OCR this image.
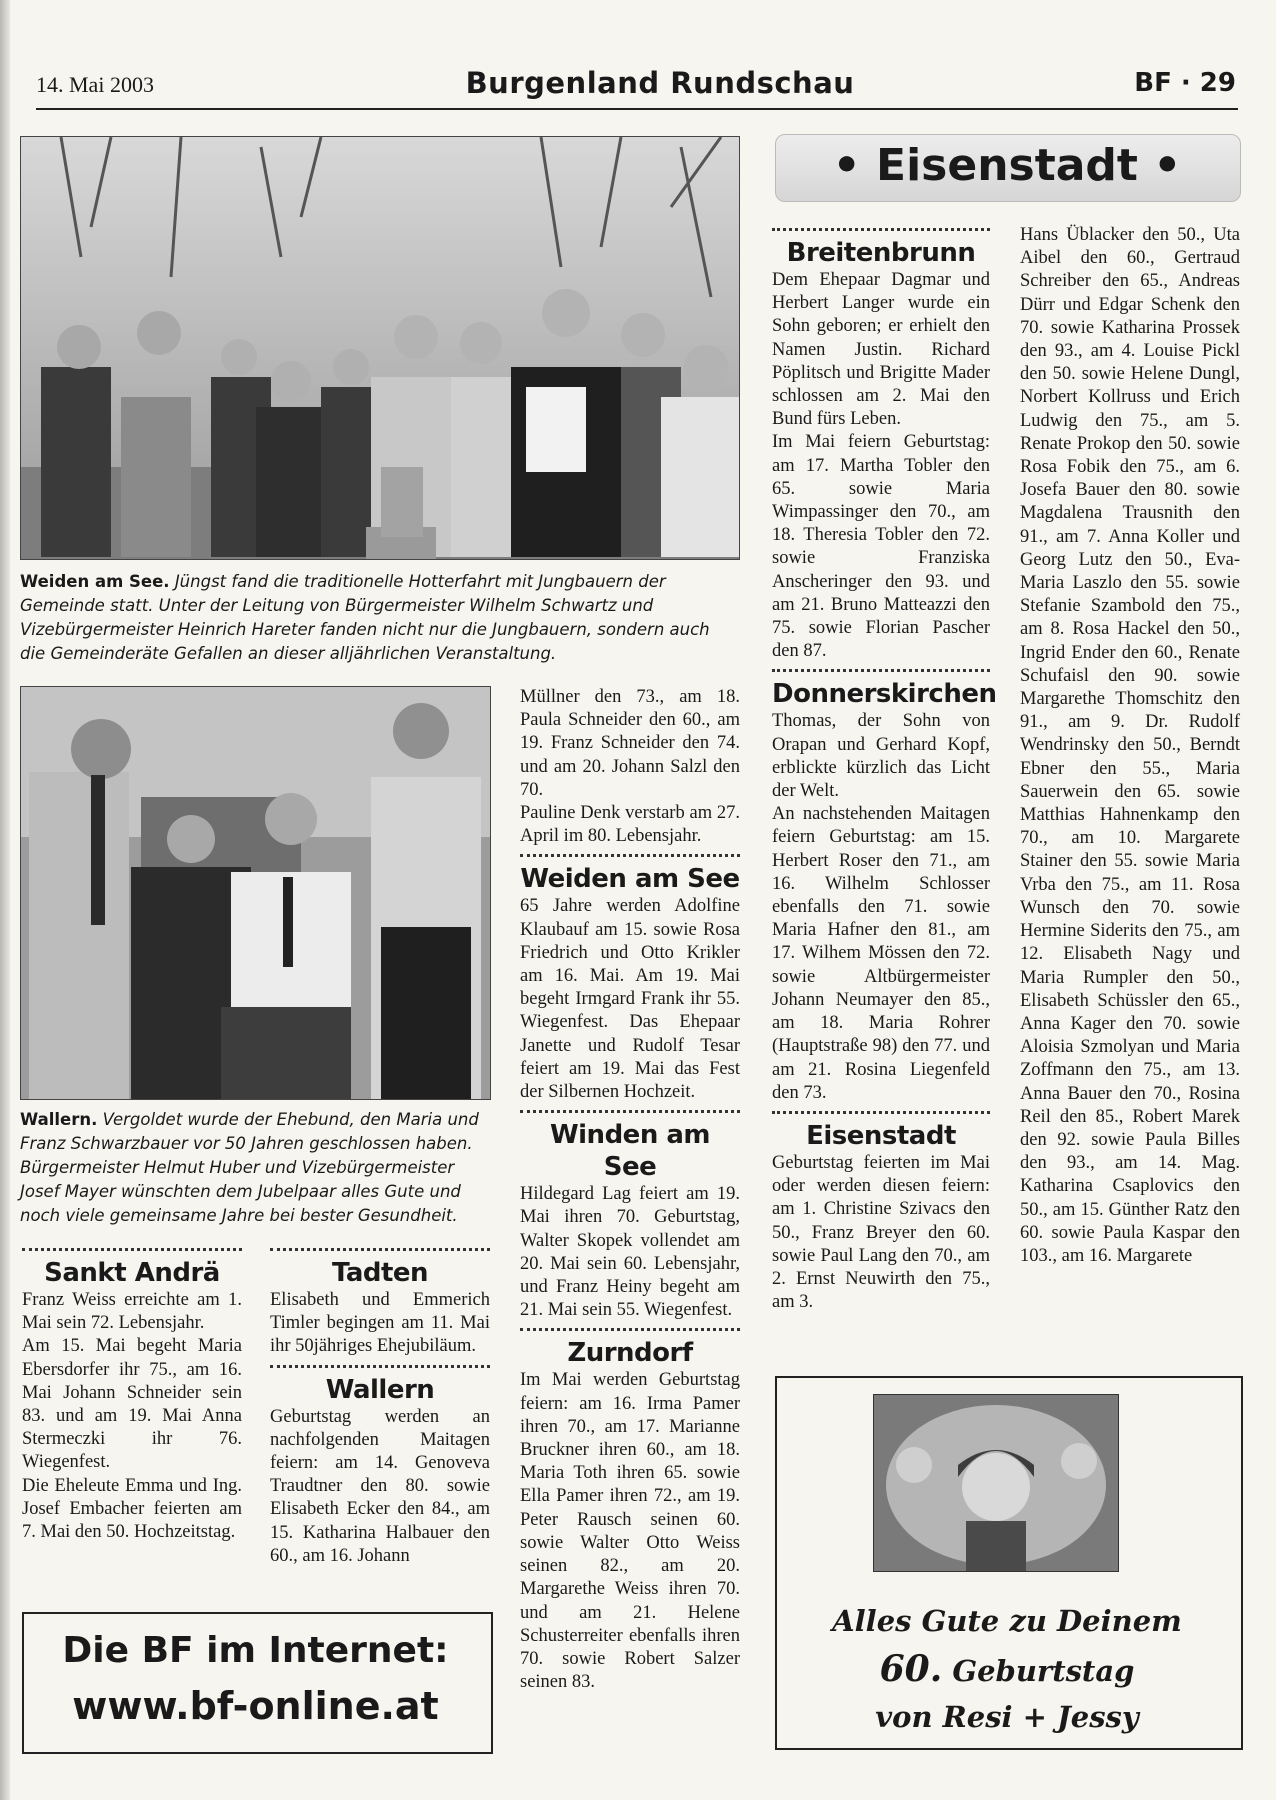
14. Mai 2003	Burgenland Rundschau	BF · 29
Weiden am See. Jüngst fand die traditionelle Hotterfahrt mit Jungbauern der Gemeinde statt. Unter der Leitung von Bürgermeister Wilhelm Schwartz und Vizebürgermeister Heinrich Hareter fanden nicht nur die Jungbauern, sondern auch die Gemeinderäte Gefallen an dieser alljährlichen Veranstaltung.
Wallern. Vergoldet wurde der Ehebund, den Maria und Franz Schwarzbauer vor 50 Jahren geschlossen haben. Bürgermeister Helmut Huber und Vizebürgermeister Josef Mayer wünschten dem Jubelpaar alles Gute und noch viele gemeinsame Jahre bei bester Gesundheit.
Sankt Andrä

Franz Weiss erreichte am 1. Mai sein 72. Lebensjahr.

Am 15. Mai begeht Maria Ebersdorfer ihr 75., am 16. Mai Johann Schneider sein 83. und am 19. Mai Anna Stermeczki ihr 76. Wiegenfest.

Die Eheleute Emma und Ing. Josef Embacher feierten am 7. Mai den 50. Hochzeitstag.

Tadten

Elisabeth und Emmerich Timler begingen am 11. Mai ihr 50jähriges Ehejubiläum.

Wallern

Geburtstag werden an nachfolgenden Maitagen feiern: am 14. Genoveva Traudtner den 80. sowie Elisabeth Ecker den 84., am 15. Katharina Halbauer den 60., am 16. Johann

Müllner den 73., am 18. Paula Schneider den 60., am 19. Franz Schneider den 74. und am 20. Johann Salzl den 70.

Pauline Denk verstarb am 27. April im 80. Lebensjahr.

Weiden am See

65 Jahre werden Adolfine Klaubauf am 15. sowie Rosa Friedrich und Otto Krikler am 16. Mai. Am 19. Mai begeht Irmgard Frank ihr 55. Wiegenfest. Das Ehepaar Janette und Rudolf Tesar feiert am 19. Mai das Fest der Silbernen Hochzeit.

Winden am See

Hildegard Lag feiert am 19. Mai ihren 70. Geburtstag, Walter Skopek vollendet am 20. Mai sein 60. Lebensjahr, und Franz Heiny begeht am 21. Mai sein 55. Wiegenfest.

Zurndorf

Im Mai werden Geburtstag feiern: am 16. Irma Pamer ihren 70., am 17. Marianne Bruckner ihren 60., am 18. Maria Toth ihren 65. sowie Ella Pamer ihren 72., am 19. Peter Rausch seinen 60. sowie Walter Otto Weiss seinen 82., am 20. Margarethe Weiss ihren 70. und am 21. Helene Schusterreiter ebenfalls ihren 70. sowie Robert Salzer seinen 83.

• Eisenstadt •
Breitenbrunn

Dem Ehepaar Dagmar und Herbert Langer wurde ein Sohn geboren; er erhielt den Namen Justin. Richard Pöplitsch und Brigitte Mader schlossen am 2. Mai den Bund fürs Leben.

Im Mai feiern Geburtstag: am 17. Martha Tobler den 65. sowie Maria Wimpassinger den 70., am 18. Theresia Tobler den 72. sowie Franziska Anscheringer den 93. und am 21. Bruno Matteazzi den 75. sowie Florian Pascher den 87.

Donnerskirchen

Thomas, der Sohn von Orapan und Gerhard Kopf, erblickte kürzlich das Licht der Welt.

An nachstehenden Maitagen feiern Geburtstag: am 15. Herbert Roser den 71., am 16. Wilhelm Schlosser ebenfalls den 71. sowie Maria Hafner den 81., am 17. Wilhem Mössen den 72. sowie Altbürgermeister Johann Neumayer den 85., am 18. Maria Rohrer (Hauptstraße 98) den 77. und am 21. Rosina Liegenfeld den 73.

Eisenstadt

Geburtstag feierten im Mai oder werden diesen feiern: am 1. Christine Szivacs den 50., Franz Breyer den 60. sowie Paul Lang den 70., am 2. Ernst Neuwirth den 75., am 3.

Hans Üblacker den 50., Uta Aibel den 60., Gertraud Schreiber den 65., Andreas Dürr und Edgar Schenk den 70. sowie Katharina Prossek den 93., am 4. Louise Pickl den 50. sowie Helene Dungl, Norbert Kollruss und Erich Ludwig den 75., am 5. Renate Prokop den 50. sowie Rosa Fobik den 75., am 6. Josefa Bauer den 80. sowie Magdalena Trausnith den 91., am 7. Anna Koller und Georg Lutz den 50., Eva-Maria Laszlo den 55. sowie Stefanie Szambold den 75., am 8. Rosa Hackel den 50., Ingrid Ender den 60., Renate Schufaisl den 90. sowie Margarethe Thomschitz den 91., am 9. Dr. Rudolf Wendrinsky den 50., Berndt Ebner den 55., Maria Sauerwein den 65. sowie Matthias Hahnenkamp den 70., am 10. Margarete Stainer den 55. sowie Maria Vrba den 75., am 11. Rosa Wunsch den 70. sowie Hermine Siderits den 75., am 12. Elisabeth Nagy und Maria Rumpler den 50., Elisabeth Schüssler den 65., Anna Kager den 70. sowie Aloisia Szmolyan und Maria Zoffmann den 75., am 13. Anna Bauer den 70., Rosina Reil den 85., Robert Marek den 92. sowie Paula Billes den 93., am 14. Mag. Katharina Csaplovics den 50., am 15. Günther Ratz den 60. sowie Paula Kaspar den 103., am 16. Margarete

Die BF im Internet:
www.bf-online.at
Alles Gute zu Deinem
60. Geburtstag
von Resi + Jessy
